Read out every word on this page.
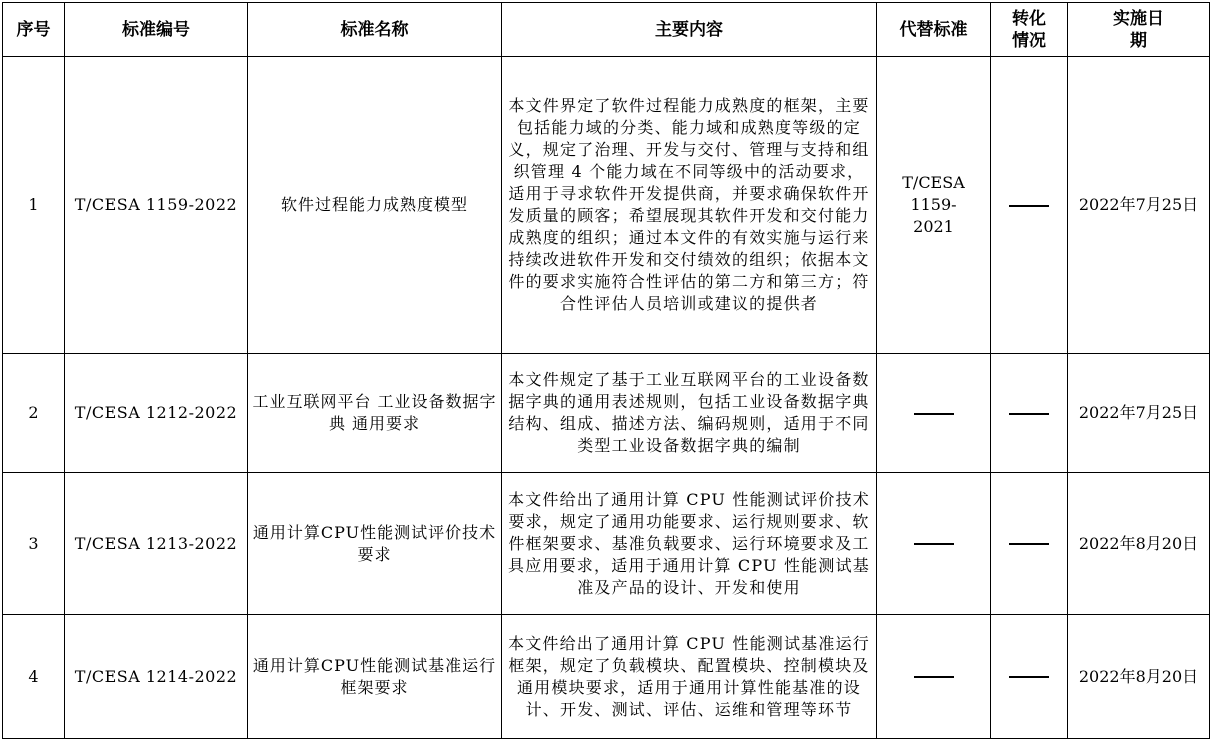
序号	标准编号	标准名称	主要内容	代替标准	转化情况	实施日期
1	T/CESA 1159-2022	软件过程能力成熟度模型	本文件界定了软件过程能力成熟度的框架，主要包括能力域的分类、能力域和成熟度等级的定义，规定了治理、开发与交付、管理与支持和组织管理 4 个能力域在不同等级中的活动要求，适用于寻求软件开发提供商，并要求确保软件开发质量的顾客；希望展现其软件开发和交付能力成熟度的组织；通过本文件的有效实施与运行来持续改进软件开发和交付绩效的组织；依据本文件的要求实施符合性评估的第二方和第三方；符合性评估人员培训或建议的提供者	T/CESA 1159-2021		2022年7月25日
2	T/CESA 1212-2022	工业互联网平台 工业设备数据字典 通用要求	本文件规定了基于工业互联网平台的工业设备数据字典的通用表述规则，包括工业设备数据字典结构、组成、描述方法、编码规则，适用于不同类型工业设备数据字典的编制			2022年7月25日
3	T/CESA 1213-2022	通用计算CPU性能测试评价技术要求	本文件给出了通用计算 CPU 性能测试评价技术要求，规定了通用功能要求、运行规则要求、软件框架要求、基准负载要求、运行环境要求及工具应用要求，适用于通用计算 CPU 性能测试基准及产品的设计、开发和使用			2022年8月20日
4	T/CESA 1214-2022	通用计算CPU性能测试基准运行框架要求	本文件给出了通用计算 CPU 性能测试基准运行框架，规定了负载模块、配置模块、控制模块及通用模块要求，适用于通用计算性能基准的设计、开发、测试、评估、运维和管理等环节			2022年8月20日
